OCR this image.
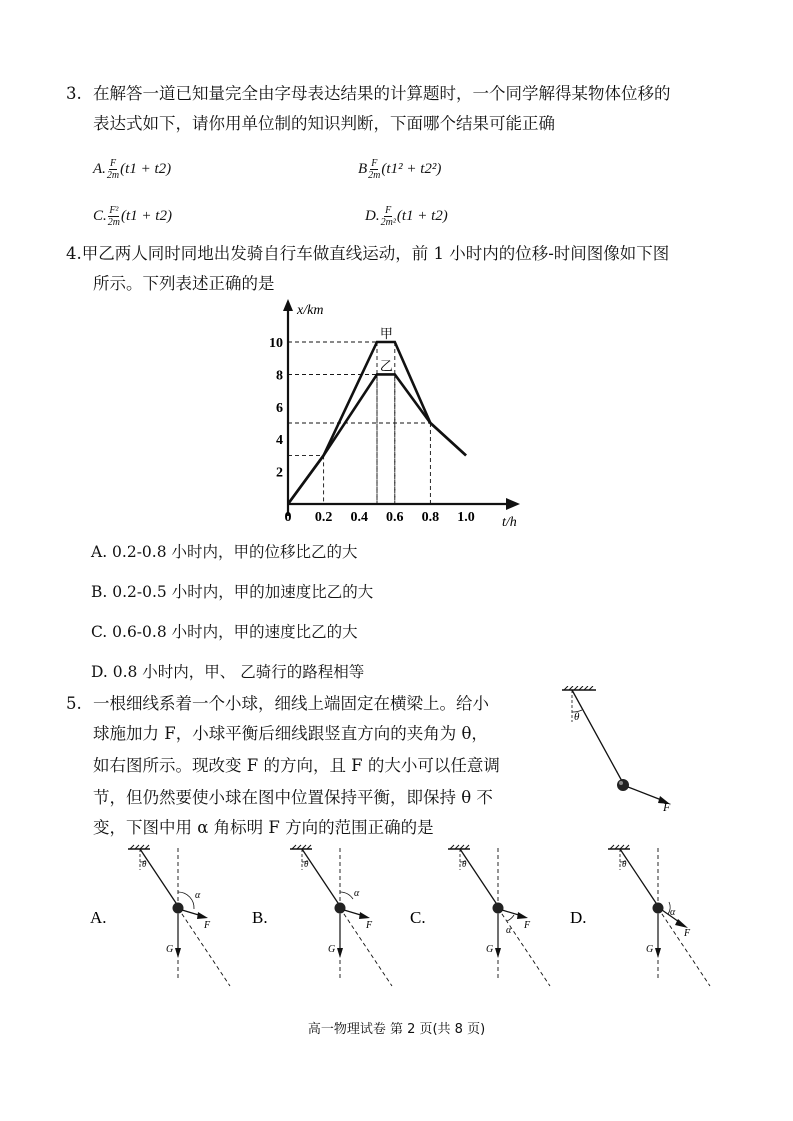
3. 在解答一道已知量完全由字母表达结果的计算题时，一个同学解得某物体位移的
表达式如下，请你用单位制的知识判断，下面哪个结果可能正确
A. $\frac{F}{2m} (t1 + t2)$	B $\frac{F}{2m} (t1^2 + t2^2)$
C. $\frac{\text{F²}}{2m} (t1 + t2)$	D. $\frac{F}{\text{2m²}} (t1 + t2)$
4.甲乙两人同时同地出发骑自行车做直线运动，前 1 小时内的位移-时间图像如下图
所示。下列表述正确的是
甲
乙
0 0.2 0.4 0.6 0.8 1.0
2
4
6
8
10
x/km
t/h
A. 0.2-0.8 小时内，甲的位移比乙的大
B. 0.2-0.5 小时内，甲的加速度比乙的大
C. 0.6-0.8 小时内，甲的速度比乙的大
D. 0.8 小时内，甲、 乙骑行的路程相等
5. 一根细线系着一个小球，细线上端固定在横梁上。给小
球施加力 F，小球平衡后细线跟竖直方向的夹角为 θ，
如右图所示。现改变 F 的方向，且 F 的大小可以任意调
节，但仍然要使小球在图中位置保持平衡，即保持 θ 不
变，下图中用 α 角标明 F 方向的范围正确的是
θ
F
A.
θ
F
α
G
B.
θ
F
α
G
C.
θ
F
α
G
D.
θ
F
α
G
高一物理试卷 第 2 页(共 8 页)
